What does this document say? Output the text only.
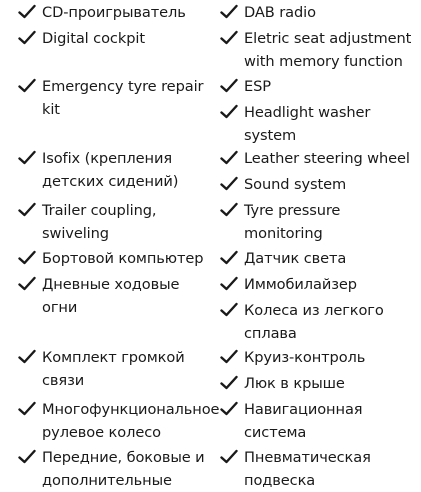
CD-проигрыватель

Digital cockpit

Emergency tyre repair
kit
Isofix (крепления
детских сидений)
Trailer coupling,
swiveling
Бортовой компьютер

Дневные ходовые
огни
Комплект громкой
связи
Многофункциональное
рулевое колесо
Передние, боковые и
дополнительные
DAB radio

Eletric seat adjustment
with memory function
ESP

Headlight washer
system
Leather steering wheel

Sound system

Tyre pressure
monitoring
Датчик света

Иммобилайзер

Колеса из легкого
сплава
Круиз-контроль

Люк в крыше

Навигационная
система
Пневматическая
подвеска
